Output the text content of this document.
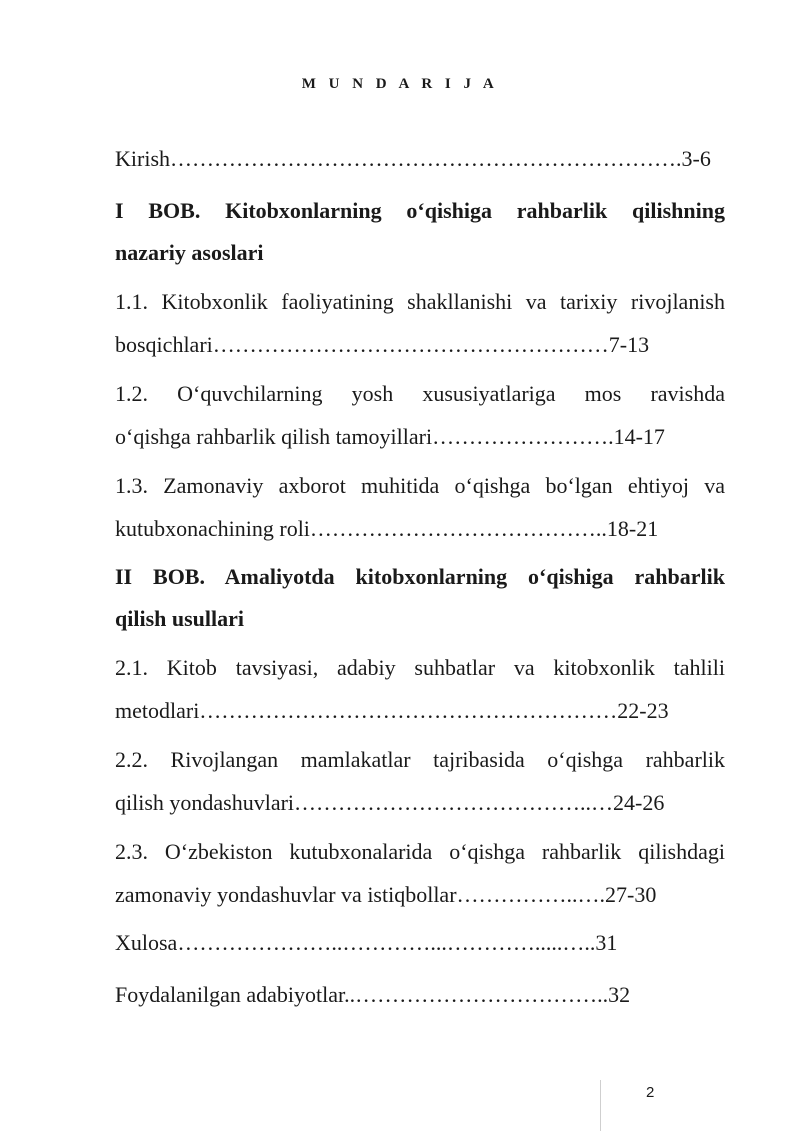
M U N D A R I J A
Kirish…………………………………………………………….3-6
I BOB. Kitobxonlarning o‘qishiga rahbarlik qilishning
nazariy asoslari
1.1. Kitobxonlik faoliyatining shakllanishi va tarixiy rivojlanish
bosqichlari………………………………………………7-13
1.2. O‘quvchilarning yosh xususiyatlariga mos ravishda
o‘qishga rahbarlik qilish tamoyillari…………………….14-17
1.3. Zamonaviy axborot muhitida o‘qishga bo‘lgan ehtiyoj va
kutubxonachining roli…………………………………..18-21
II BOB. Amaliyotda kitobxonlarning o‘qishiga rahbarlik
qilish usullari
2.1. Kitob tavsiyasi, adabiy suhbatlar va kitobxonlik tahlili
metodlari…………………………………………………22-23
2.2. Rivojlangan mamlakatlar tajribasida o‘qishga rahbarlik
qilish yondashuvlari…………………………………..…24-26
2.3. O‘zbekiston kutubxonalarida o‘qishga rahbarlik qilishdagi
zamonaviy yondashuvlar va istiqbollar……………..….27-30
Xulosa…………………..…………...………….....…..31
Foydalanilgan adabiyotlar..……………………………..32
2
